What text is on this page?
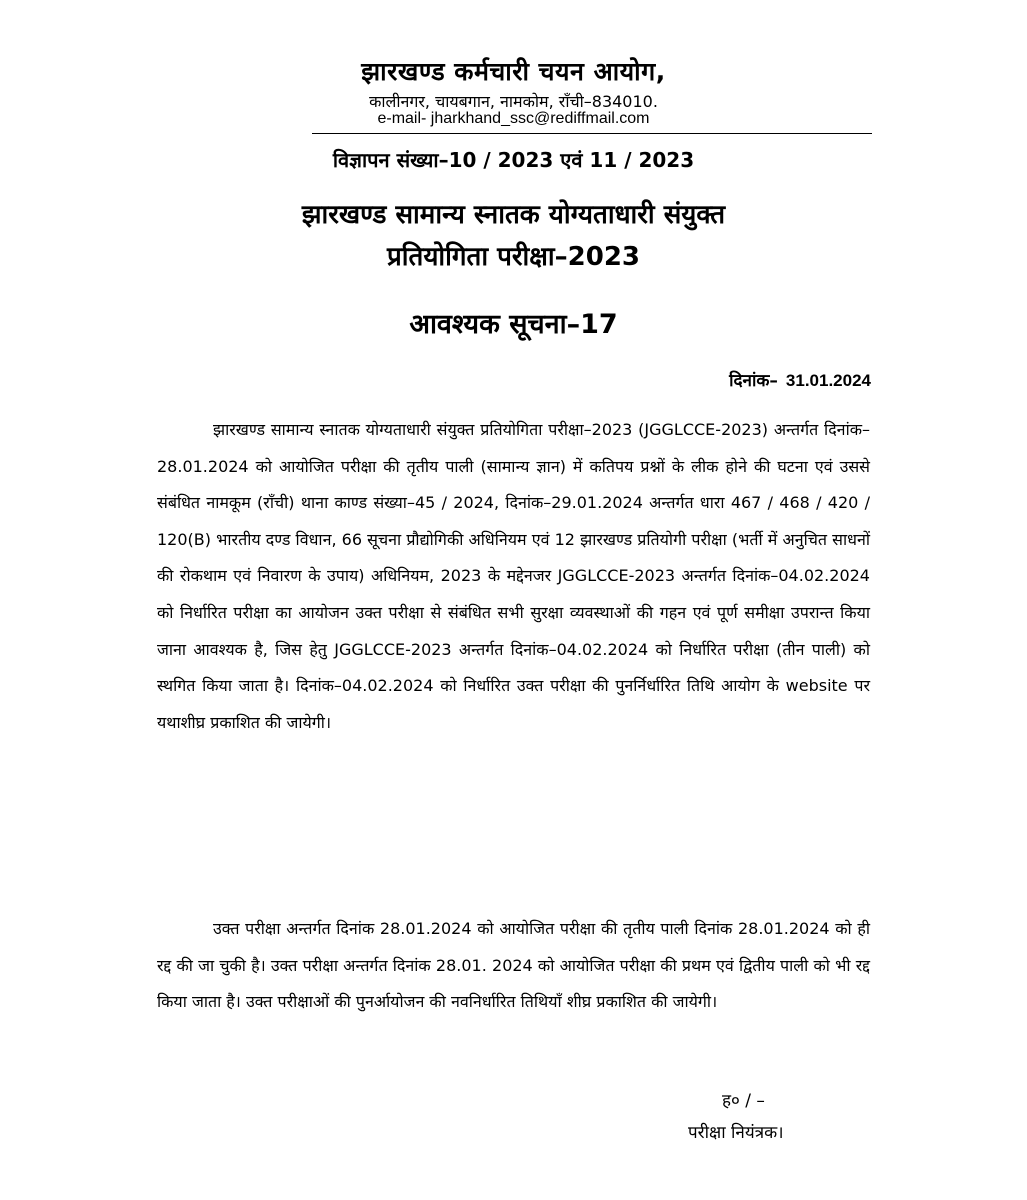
झारखण्ड कर्मचारी चयन आयोग,
कालीनगर, चायबगान, नामकोम, राँची–834010.
e-mail- jharkhand_ssc@rediffmail.com
विज्ञापन संख्या–10 / 2023 एवं 11 / 2023
झारखण्ड सामान्य स्नातक योग्यताधारी संयुक्त
प्रतियोगिता परीक्षा–2023
आवश्यक सूचना–17
दिनांक– 31.01.2024
झारखण्ड सामान्य स्नातक योग्यताधारी संयुक्त प्रतियोगिता परीक्षा–2023 (JGGLCCE-2023) अन्तर्गत दिनांक–28.01.2024 को आयोजित परीक्षा की तृतीय पाली (सामान्य ज्ञान) में कतिपय प्रश्नों के लीक होने की घटना एवं उससे संबंधित नामकूम (राँची) थाना काण्ड संख्या–45 / 2024, दिनांक–29.01.2024 अन्तर्गत धारा 467 / 468 / 420 / 120(B) भारतीय दण्ड विधान, 66 सूचना प्रौद्योगिकी अधिनियम एवं 12 झारखण्ड प्रतियोगी परीक्षा (भर्ती में अनुचित साधनों की रोकथाम एवं निवारण के उपाय) अधिनियम, 2023 के मद्देनजर JGGLCCE-2023 अन्तर्गत दिनांक–04.02.2024 को निर्धारित परीक्षा का आयोजन उक्त परीक्षा से संबंधित सभी सुरक्षा व्यवस्थाओं की गहन एवं पूर्ण समीक्षा उपरान्त किया जाना आवश्यक है, जिस हेतु JGGLCCE-2023 अन्तर्गत दिनांक–04.02.2024 को निर्धारित परीक्षा (तीन पाली) को स्थगित किया जाता है। दिनांक–04.02.2024 को निर्धारित उक्त परीक्षा की पुनर्निर्धारित तिथि आयोग के website पर यथाशीघ्र प्रकाशित की जायेगी।
उक्त परीक्षा अन्तर्गत दिनांक 28.01.2024 को आयोजित परीक्षा की तृतीय पाली दिनांक 28.01.2024 को ही रद्द की जा चुकी है। उक्त परीक्षा अन्तर्गत दिनांक 28.01. 2024 को आयोजित परीक्षा की प्रथम एवं द्वितीय पाली को भी रद्द किया जाता है। उक्त परीक्षाओं की पुनर्आयोजन की नवनिर्धारित तिथियाँ शीघ्र प्रकाशित की जायेगी।
ह० / –
परीक्षा नियंत्रक।
